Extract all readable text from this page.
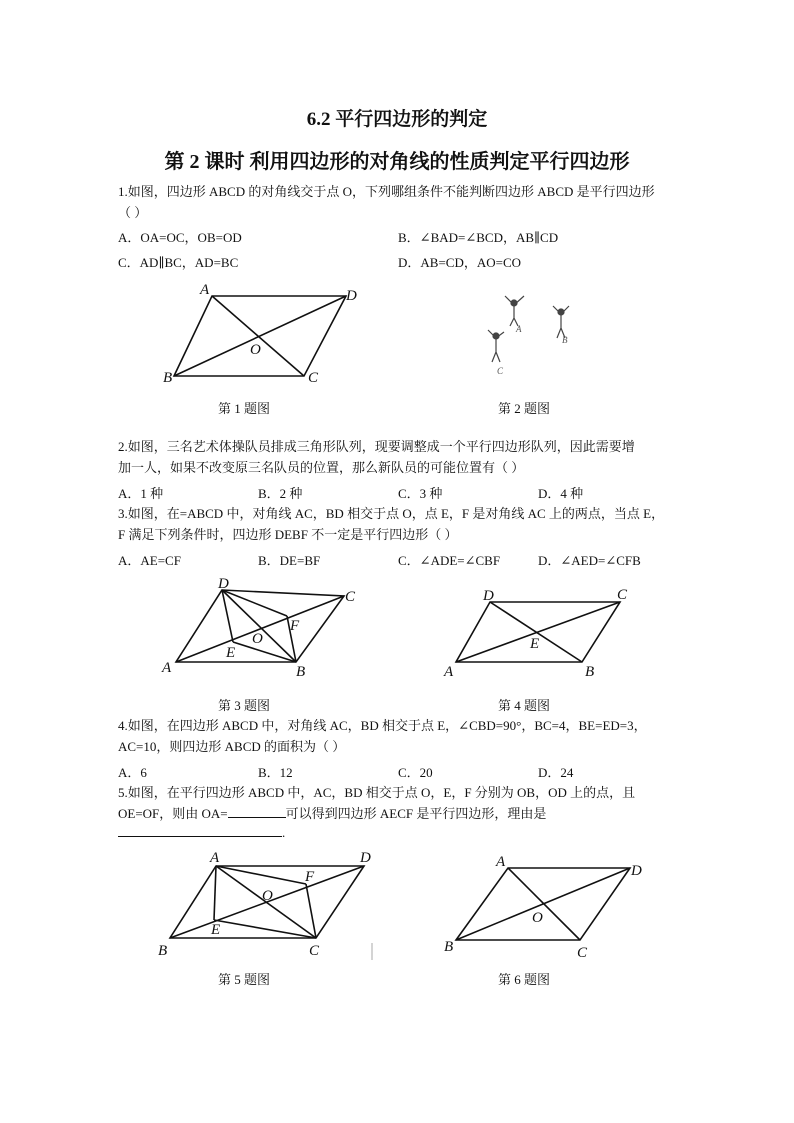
6.2 平行四边形的判定
第 2 课时 利用四边形的对角线的性质判定平行四边形
1.如图，四边形 ABCD 的对角线交于点 O，下列哪组条件不能判断四边形 ABCD 是平行四边形
（ ）
A．OA=OC，OB=OD	B．∠BAD=∠BCD，AB∥CD
C．AD∥BC，AD=BC	D．AB=CD，AO=CO
A	D
B	C
O
第 1 题图
A
B
C
第 2 题图
2.如图，三名艺术体操队员排成三角形队列，现要调整成一个平行四边形队列，因此需要增
加一人，如果不改变原三名队员的位置，那么新队员的可能位置有（ ）
A．1 种	B．2 种	C．3 种	D．4 种
3.如图，在=ABCD 中，对角线 AC，BD 相交于点 O，点 E，F 是对角线 AC 上的两点，当点 E，
F 满足下列条件时，四边形 DEBF 不一定是平行四边形（ ）
A．AE=CF	B．DE=BF	C．∠ADE=∠CBF	D．∠AED=∠CFB
D
C
A	B
O
E
F
第 3 题图
D	C
A	B
E
第 4 题图
4.如图，在四边形 ABCD 中，对角线 AC，BD 相交于点 E，∠CBD=90°，BC=4，BE=ED=3，
AC=10，则四边形 ABCD 的面积为（ ）
A．6	B．12	C．20	D．24
5.如图，在平行四边形 ABCD 中，AC，BD 相交于点 O，E，F 分别为 OB，OD 上的点，且
OE=OF，则由 OA=	可以得到四边形 AECF 是平行四边形，理由是
.
A	D
B	C
O
E
F
第 5 题图
A
D
B	C
O
第 6 题图
